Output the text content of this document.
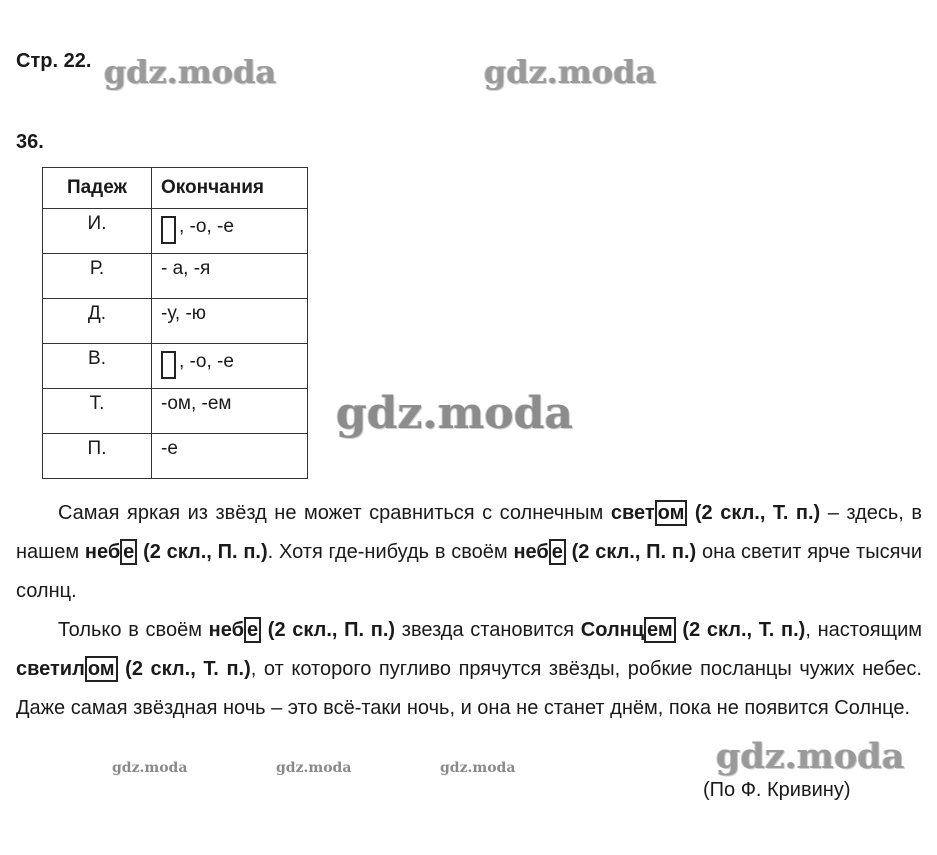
Стр. 22.
36.
gdz.moda	gdz.moda
gdz.moda
gdz.moda
gdz.moda	gdz.moda	gdz.moda
Падеж	Окончания
И.	, -о, -е
Р.	- а, -я
Д.	-у, -ю
В.	, -о, -е
Т.	-ом, -ем
П.	-е

Самая яркая из звёзд не может сравниться с солнечным свет ом (2 скл., Т. п.) – здесь, в нашем неб е (2 скл., П. п.). Хотя где-нибудь в своём неб е (2 скл., П. п.) она светит ярче тысячи солнц.

Только в своём неб е (2 скл., П. п.) звезда становится Солнц ем (2 скл., Т. п.), настоящим светил ом (2 скл., Т. п.), от которого пугливо прячутся звёзды, робкие посланцы чужих небес. Даже самая звёздная ночь – это всё-таки ночь, и она не станет днём, пока не появится Солнце.

(По Ф. Кривину)
